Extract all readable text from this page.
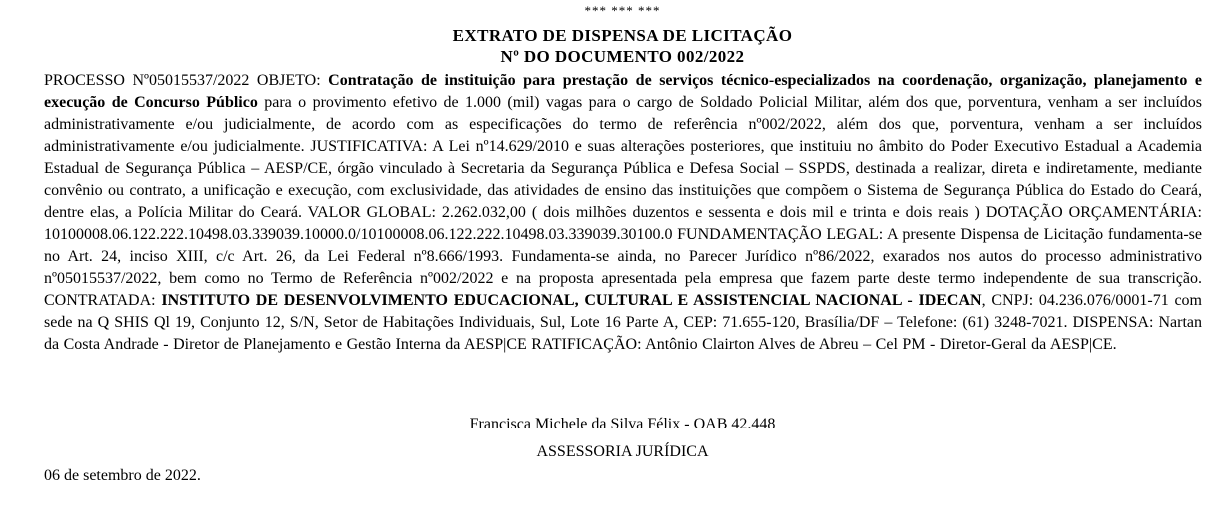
*** *** ***
EXTRATO DE DISPENSA DE LICITAÇÃO
Nº DO DOCUMENTO 002/2022
PROCESSO Nº05015537/2022 OBJETO: Contratação de instituição para prestação de serviços técnico-especializados na coordenação, organização, planejamento e execução de Concurso Público para o provimento efetivo de 1.000 (mil) vagas para o cargo de Soldado Policial Militar, além dos que, porventura, venham a ser incluídos administrativamente e/ou judicialmente, de acordo com as especificações do termo de referência nº002/2022, além dos que, porventura, venham a ser incluídos administrativamente e/ou judicialmente. JUSTIFICATIVA: A Lei nº14.629/2010 e suas alterações posteriores, que instituiu no âmbito do Poder Executivo Estadual a Academia Estadual de Segurança Pública – AESP/CE, órgão vinculado à Secretaria da Segurança Pública e Defesa Social – SSPDS, destinada a realizar, direta e indiretamente, mediante convênio ou contrato, a unificação e execução, com exclusividade, das atividades de ensino das instituições que compõem o Sistema de Segurança Pública do Estado do Ceará, dentre elas, a Polícia Militar do Ceará. VALOR GLOBAL: 2.262.032,00 ( dois milhões duzentos e sessenta e dois mil e trinta e dois reais ) DOTAÇÃO ORÇAMENTÁRIA: 10100008.06.122.222.10498.03.339039.10000.0/10100008.06.122.222.10498.03.339039.30100.0 FUNDAMENTAÇÃO LEGAL: A presente Dispensa de Licitação fundamenta-se no Art. 24, inciso XIII, c/c Art. 26, da Lei Federal nº8.666/1993. Fundamenta-se ainda, no Parecer Jurídico nº86/2022, exarados nos autos do processo administrativo nº05015537/2022, bem como no Termo de Referência nº002/2022 e na proposta apresentada pela empresa que fazem parte deste termo independente de sua transcrição. CONTRATADA: INSTITUTO DE DESENVOLVIMENTO EDUCACIONAL, CULTURAL E ASSISTENCIAL NACIONAL - IDECAN, CNPJ: 04.236.076/0001-71 com sede na Q SHIS Ql 19, Conjunto 12, S/N, Setor de Habitações Individuais, Sul, Lote 16 Parte A, CEP: 71.655-120, Brasília/DF – Telefone: (61) 3248-7021. DISPENSA: Nartan da Costa Andrade - Diretor de Planejamento e Gestão Interna da AESP|CE RATIFICAÇÃO: Antônio Clairton Alves de Abreu – Cel PM - Diretor-Geral da AESP|CE.
Francisca Michele da Silva Félix - OAB 42.448
ASSESSORIA JURÍDICA
06 de setembro de 2022.
